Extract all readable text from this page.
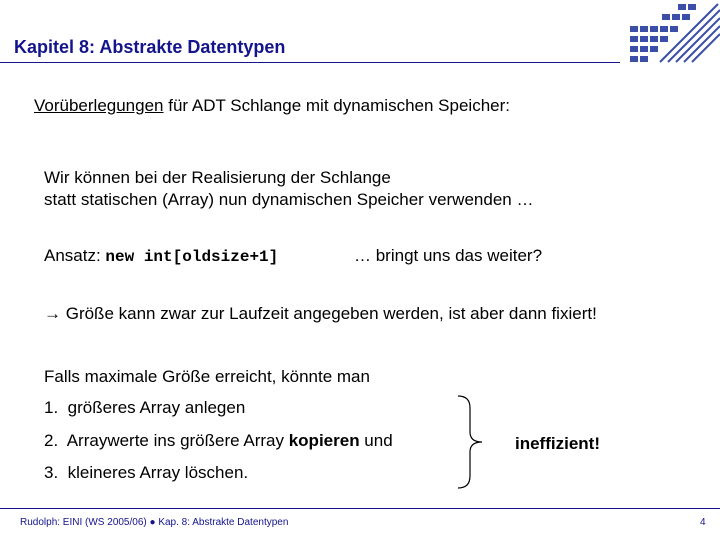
Kapitel 8: Abstrakte Datentypen
Vorüberlegungen für ADT Schlange mit dynamischen Speicher:
Wir können bei der Realisierung der Schlange
statt statischen (Array) nun dynamischen Speicher verwenden …
Ansatz: new int[oldsize+1]	… bringt uns das weiter?
→ Größe kann zwar zur Laufzeit angegeben werden, ist aber dann fixiert!
Falls maximale Größe erreicht, könnte man
1. größeres Array anlegen
2. Arraywerte ins größere Array kopieren und
3. kleineres Array löschen.
ineffizient!
Rudolph: EINI (WS 2005/06) ● Kap. 8: Abstrakte Datentypen	4
